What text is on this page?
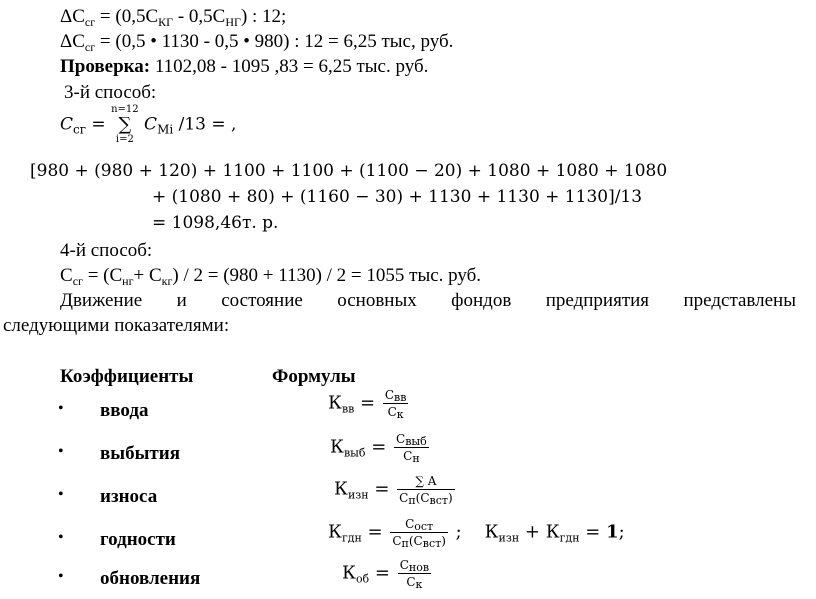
$\Delta C_{сг} = (0,5C_{КГ} - 0,5C_{НГ})$ : 12;
$\Delta C_{сг} = (0,5$ • 1130 - 0,5 • 980) : 12 = 6,25 тыс, руб.
Проверка: 1102,08 - 1095 ,83 = 6,25 тыс. руб.
3-й способ:
$C_{сг} = n=12$
∑
i=2 $C_{Mi}$ /13 = ,
[980 + (980 + 120) + 1100 + 1100 + (1100 − 20) + 1080 + 1080 + 1080
+ (1080 + 80) + (1160 − 30) + 1130 + 1130 + 1130]/13
= 1098,46т. р.
4-й способ:
$С_{сг} = (С_{нг}+ С_{кг}) / 2 = (980 + 1130) / 2 = 1055$ тыс. руб.
Движение и состояние основных фондов предприятия представлены
следующими показателями:
Коэффициенты	Формулы
• ввода	$К_{вв} = \frac{С_{вв}}{С_к}$
• выбытия	$К_{выб} = \frac{С_{выб}}{С_н}$
• износа	$К_{изн} = \frac{\sum A}{С_п(С_{вст})}$
• годности	$К_{гдн} = \frac{С_{ост}}{С_п(С_{вст})}$ ; $К_{изн} + К_{гдн} = 1$;
• обновления	$К_{об} = \frac{С_{нов}}{С_к}$
